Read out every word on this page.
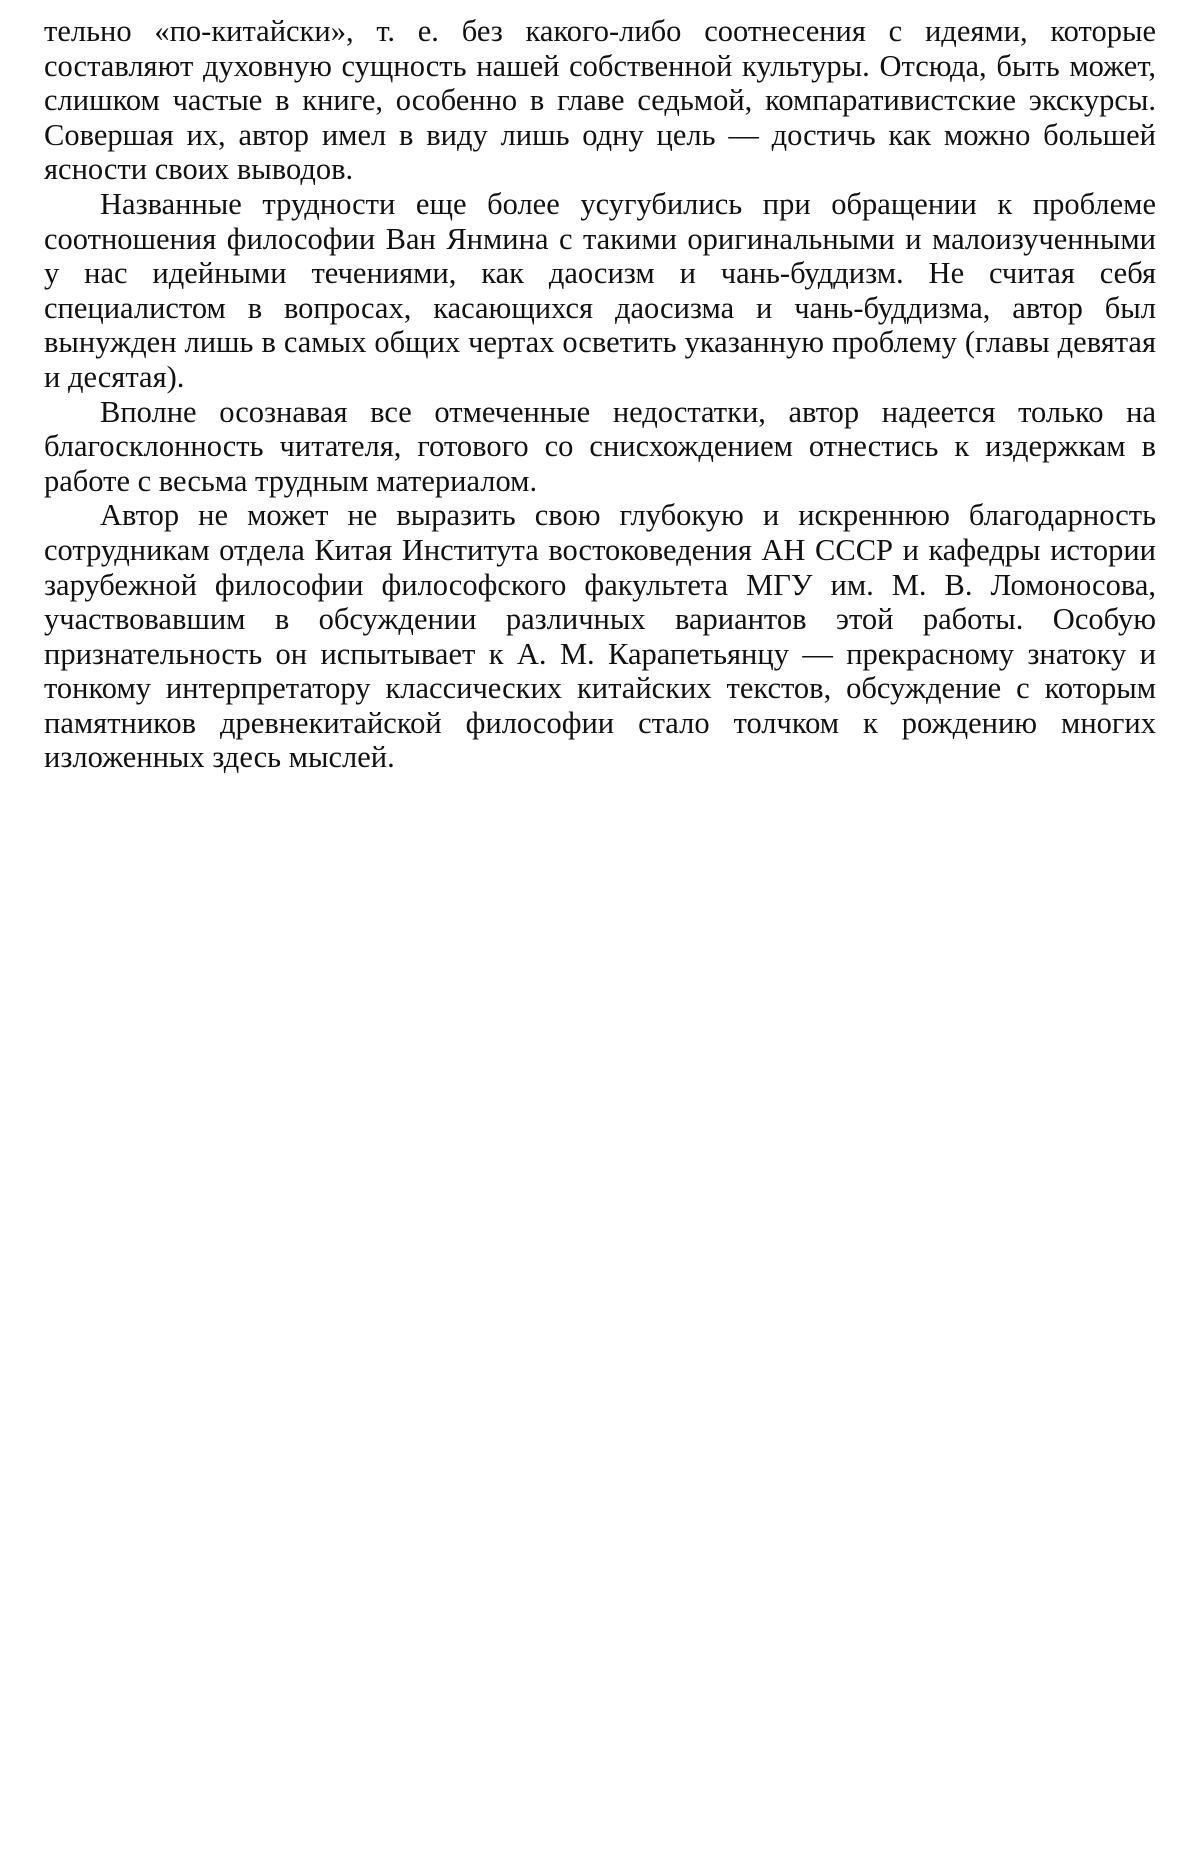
тельно «по-китайски», т. е. без какого-либо соотнесения с идеями, которые составляют духовную сущность нашей собственной культуры. Отсюда, быть может, слишком частые в книге, особенно в главе седьмой, компаративистские экскурсы. Совершая их, автор имел в виду лишь одну цель — достичь как можно большей ясности своих выводов.

Названные трудности еще более усугубились при обращении к проблеме соотношения философии Ван Янмина с такими оригинальными и малоизученными у нас идейными течениями, как даосизм и чань-буддизм. Не считая себя специалистом в вопросах, касающихся даосизма и чань-буддизма, автор был вынужден лишь в самых общих чертах осветить указанную проблему (главы девятая и десятая).

Вполне осознавая все отмеченные недостатки, автор надеется только на благосклонность читателя, готового со снисхождением отнестись к издержкам в работе с весьма трудным материалом.

Автор не может не выразить свою глубокую и искреннюю благодарность сотрудникам отдела Китая Института востоковедения АН СССР и кафедры истории зарубежной философии философского факультета МГУ им. М. В. Ломоносова, участвовавшим в обсуждении различных вариантов этой работы. Особую признательность он испытывает к А. М. Карапетьянцу — прекрасному знатоку и тонкому интерпретатору классических китайских текстов, обсуждение с которым памятников древнекитайской философии стало толчком к рождению многих изложенных здесь мыслей.
